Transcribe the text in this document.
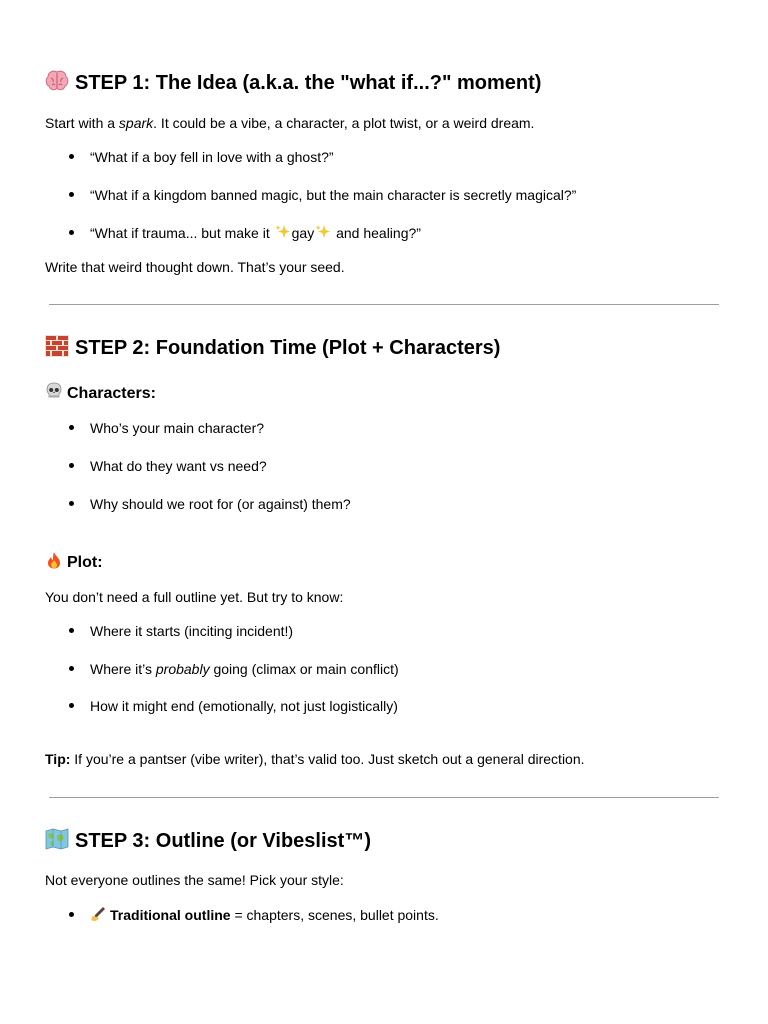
STEP 1: The Idea (a.k.a. the "what if...?" moment)
Start with a spark. It could be a vibe, a character, a plot twist, or a weird dream.
“What if a boy fell in love with a ghost?”
“What if a kingdom banned magic, but the main character is secretly magical?”
“What if trauma... but make it gay and healing?”
Write that weird thought down. That’s your seed.
STEP 2: Foundation Time (Plot + Characters)
Characters:
Who’s your main character?
What do they want vs need?
Why should we root for (or against) them?
Plot:
You don’t need a full outline yet. But try to know:
Where it starts (inciting incident!)
Where it’s probably going (climax or main conflict)
How it might end (emotionally, not just logistically)
Tip: If you’re a pantser (vibe writer), that’s valid too. Just sketch out a general direction.
STEP 3: Outline (or Vibeslist™)
Not everyone outlines the same! Pick your style:
Traditional outline = chapters, scenes, bullet points.
